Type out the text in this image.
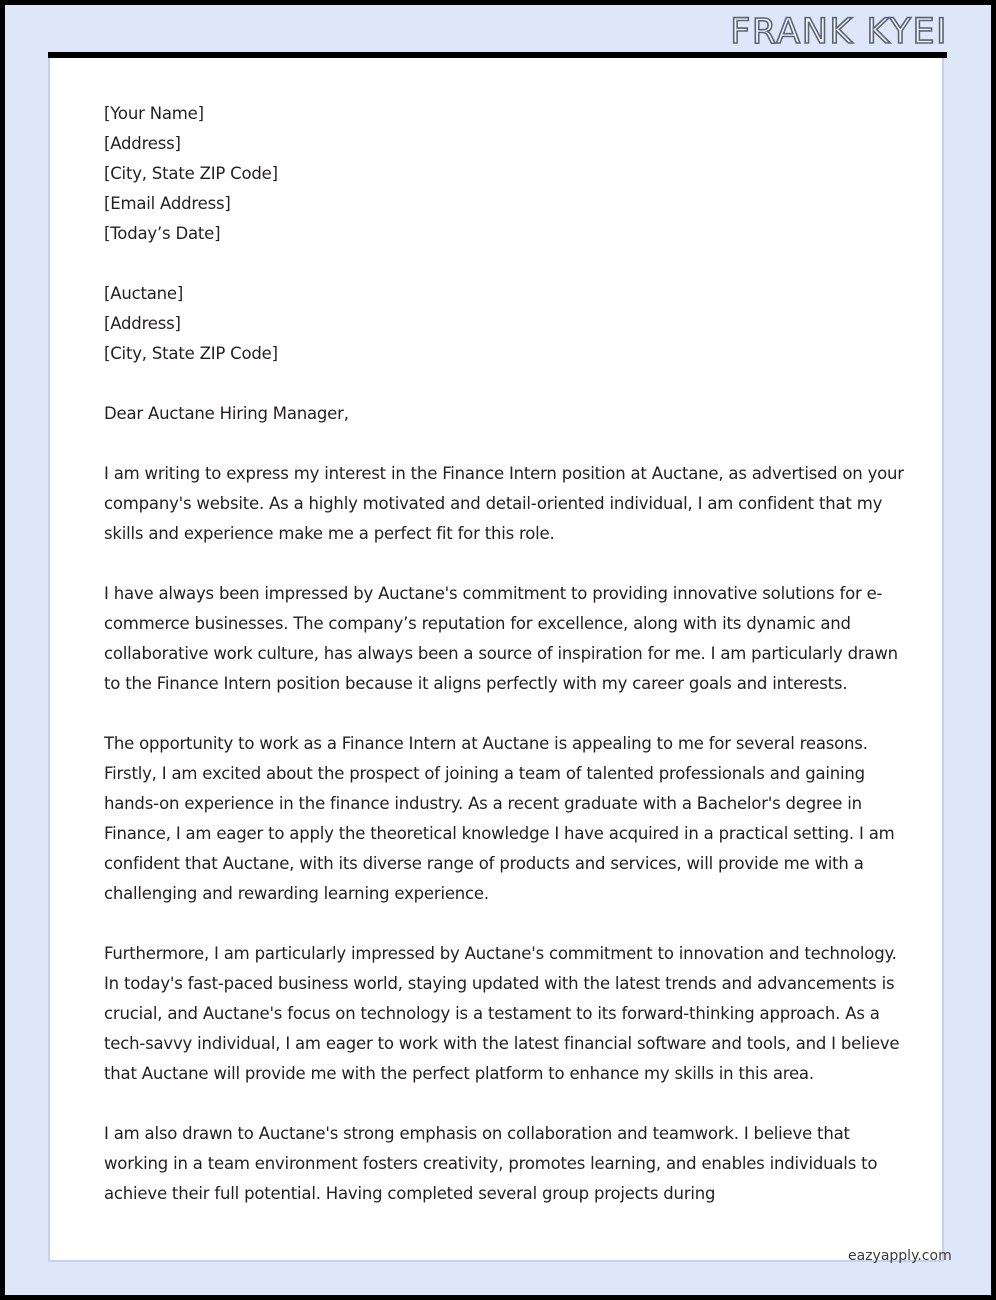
FRANK KYEI
[Your Name]
[Address]
[City, State ZIP Code]
[Email Address]
[Today’s Date]
[Auctane]
[Address]
[City, State ZIP Code]

Dear Auctane Hiring Manager,

I am writing to express my interest in the Finance Intern position at Auctane, as advertised on your company's website. As a highly motivated and detail-oriented individual, I am confident that my skills and experience make me a perfect fit for this role.

I have always been impressed by Auctane's commitment to providing innovative solutions for e-commerce businesses. The company’s reputation for excellence, along with its dynamic and collaborative work culture, has always been a source of inspiration for me. I am particularly drawn to the Finance Intern position because it aligns perfectly with my career goals and interests.

The opportunity to work as a Finance Intern at Auctane is appealing to me for several reasons. Firstly, I am excited about the prospect of joining a team of talented professionals and gaining hands-on experience in the finance industry. As a recent graduate with a Bachelor's degree in Finance, I am eager to apply the theoretical knowledge I have acquired in a practical setting. I am confident that Auctane, with its diverse range of products and services, will provide me with a challenging and rewarding learning experience.

Furthermore, I am particularly impressed by Auctane's commitment to innovation and technology. In today's fast-paced business world, staying updated with the latest trends and advancements is crucial, and Auctane's focus on technology is a testament to its forward-thinking approach. As a tech-savvy individual, I am eager to work with the latest financial software and tools, and I believe that Auctane will provide me with the perfect platform to enhance my skills in this area.

I am also drawn to Auctane's strong emphasis on collaboration and teamwork. I believe that working in a team environment fosters creativity, promotes learning, and enables individuals to achieve their full potential. Having completed several group projects during

eazyapply.com
